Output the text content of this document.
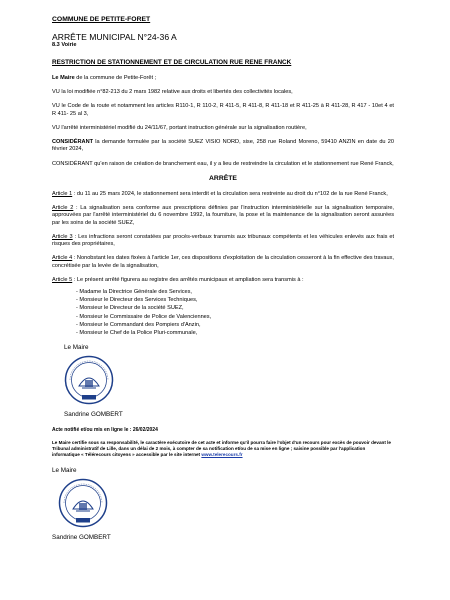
COMMUNE DE PETITE-FORET
ARRÊTE MUNICIPAL N°24-36 A
8.3 Voirie
RESTRICTION DE STATIONNEMENT ET DE CIRCULATION RUE RENE FRANCK

Le Maire de la commune de Petite-Forêt ;

VU la loi modifiée n°82-213 du 2 mars 1982 relative aux droits et libertés des collectivités locales,

VU le Code de la route et notamment les articles R110-1, R 110-2, R 411-5, R 411-8, R 411-18 et R 411-25 à R 411-28, R 417 - 10et 4 et R 411- 25 al 3,

VU l'arrêté interministériel modifié du 24/11/67, portant instruction générale sur la signalisation routière,

CONSIDÉRANT la demande formulée par la société SUEZ VISIO NORD, sise, 258 rue Roland Moreno, 59410 ANZIN en date du 20 février 2024,

CONSIDÉRANT qu'en raison de création de branchement eau, il y a lieu de restreindre la circulation et le stationnement rue René Franck,

ARRÊTE

Article 1 : du 11 au 25 mars 2024, le stationnement sera interdit et la circulation sera restreinte au droit du n°102 de la rue René Franck,

Article 2 : La signalisation sera conforme aux prescriptions définies par l'instruction interministérielle sur la signalisation temporaire, approuvées par l'arrêté interministériel du 6 novembre 1992, la fourniture, la pose et la maintenance de la signalisation seront assurées par les soins de la société SUEZ,

Article 3 : Les infractions seront constatées par procès-verbaux transmis aux tribunaux compétents et les véhicules enlevés aux frais et risques des propriétaires,

Article 4 : Nonobstant les dates fixées à l'article 1er, ces dispositions d'exploitation de la circulation cesseront à la fin effective des travaux, concrétisée par la levée de la signalisation,

Article 5 : Le présent arrêté figurera au registre des arrêtés municipaux et ampliation sera transmis à :

- Madame la Directrice Générale des Services,
- Monsieur le Directeur des Services Techniques,
- Monsieur le Directeur de la société SUEZ,
- Monsieur le Commissaire de Police de Valenciennes,
- Monsieur le Commandant des Pompiers d'Anzin,
- Monsieur le Chef de la Police Pluri-communale,
Le Maire
Sandrine GOMBERT
Acte notifié et/ou mis en ligne le : 26/02/2024
Le Maire certifie sous sa responsabilité, le caractère exécutoire de cet acte et informe qu'il pourra faire l'objet d'un recours pour excès de pouvoir devant le Tribunal administratif de Lille, dans un délai de 2 mois, à compter de sa notification et/ou de sa mise en ligne ; saisine possible par l'application informatique « Télérecours citoyens » accessible par le site internet www.telerecours.fr
Le Maire
Sandrine GOMBERT
